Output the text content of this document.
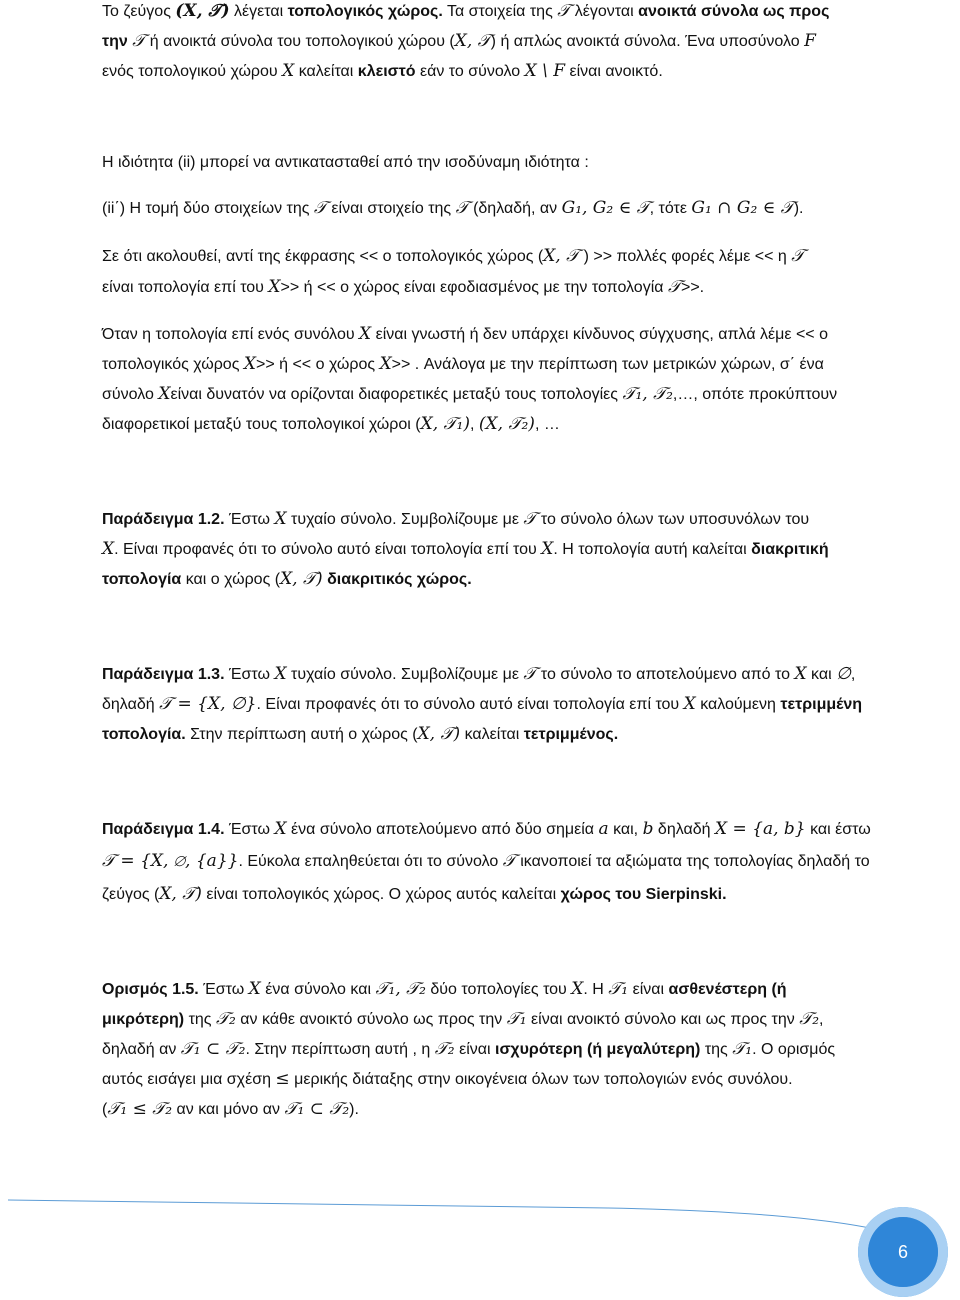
Το ζεύγος (X, 𝒯) λέγεται τοπολογικός χώρος. Τα στοιχεία της 𝒯 λέγονται ανοικτά σύνολα ως προς
την 𝒯 ή ανοικτά σύνολα του τοπολογικού χώρου (X, 𝒯) ή απλώς ανοικτά σύνολα. Ένα υποσύνολο F
ενός τοπολογικού χώρου X καλείται κλειστό εάν το σύνολο X \ F είναι ανοικτό.
Η ιδιότητα (ii) μπορεί να αντικατασταθεί από την ισοδύναμη ιδιότητα :
(ii΄) Η τομή δύο στοιχείων της 𝒯 είναι στοιχείο της 𝒯 (δηλαδή, αν G₁, G₂ ∈ 𝒯, τότε G₁ ∩ G₂ ∈ 𝒯).
Σε ότι ακολουθεί, αντί της έκφρασης << ο τοπολογικός χώρος (X, 𝒯 ) >> πολλές φορές λέμε << η 𝒯
είναι τοπολογία επί του X>> ή << ο χώρος είναι εφοδιασμένος με την τοπολογία 𝒯>>.
Όταν η τοπολογία επί ενός συνόλου X είναι γνωστή ή δεν υπάρχει κίνδυνος σύγχυσης, απλά λέμε << ο
τοπολογικός χώρος X>> ή << ο χώρος X>> . Ανάλογα με την περίπτωση των μετρικών χώρων, σ΄ ένα
σύνολο Xείναι δυνατόν να ορίζονται διαφορετικές μεταξύ τους τοπολογίες 𝒯₁, 𝒯₂,…, οπότε προκύπτουν
διαφορετικοί μεταξύ τους τοπολογικοί χώροι (X, 𝒯₁), (X, 𝒯₂), …
Παράδειγμα 1.2. Έστω X τυχαίο σύνολο. Συμβολίζουμε με 𝒯 το σύνολο όλων των υποσυνόλων του
X. Είναι προφανές ότι το σύνολο αυτό είναι τοπολογία επί του X. Η τοπολογία αυτή καλείται διακριτική
τοπολογία και ο χώρος (X, 𝒯) διακριτικός χώρος.
Παράδειγμα 1.3. Έστω X τυχαίο σύνολο. Συμβολίζουμε με 𝒯 το σύνολο το αποτελούμενο από το X και ∅,
δηλαδή 𝒯 = {X, ∅}. Είναι προφανές ότι το σύνολο αυτό είναι τοπολογία επί του X καλούμενη τετριμμένη
τοπολογία. Στην περίπτωση αυτή ο χώρος (X, 𝒯) καλείται τετριμμένος.
Παράδειγμα 1.4. Έστω X ένα σύνολο αποτελούμενο από δύο σημεία a και, b δηλαδή X = {a, b} και έστω
𝒯 = {X, ∅, {a}}. Εύκολα επαληθεύεται ότι το σύνολο 𝒯 ικανοποιεί τα αξιώματα της τοπολογίας δηλαδή το
ζεύγος (X, 𝒯) είναι τοπολογικός χώρος. Ο χώρος αυτός καλείται χώρος του Sierpinski.
Ορισμός 1.5. Έστω X ένα σύνολο και 𝒯₁, 𝒯₂ δύο τοπολογίες του X. Η 𝒯₁ είναι ασθενέστερη (ή
μικρότερη) της 𝒯₂ αν κάθε ανοικτό σύνολο ως προς την 𝒯₁ είναι ανοικτό σύνολο και ως προς την 𝒯₂,
δηλαδή αν 𝒯₁ ⊂ 𝒯₂. Στην περίπτωση αυτή , η 𝒯₂ είναι ισχυρότερη (ή μεγαλύτερη) της 𝒯₁. Ο ορισμός
αυτός εισάγει μια σχέση ≤ μερικής διάταξης στην οικογένεια όλων των τοπολογιών ενός συνόλου.
(𝒯₁ ≤ 𝒯₂ αν και μόνο αν 𝒯₁ ⊂ 𝒯₂).
6
